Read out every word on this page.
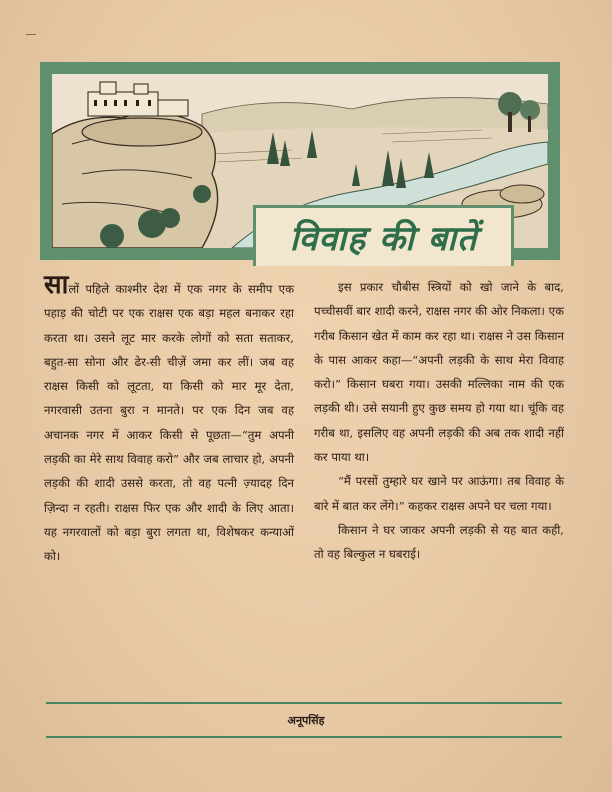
विवाह की बातें

सालों पहिले काश्मीर देश में एक नगर के समीप एक पहाड़ की चोटी पर एक राक्षस एक बड़ा महल बनाकर रहा करता था। उसने लूट मार करके लोगों को सता सताकर, बहुत-सा सोना और ढेर-सी चीज़ें जमा कर लीं। जब वह राक्षस किसी को लूटता, या किसी को मार मूर देता, नगरवासी उतना बुरा न मानते। पर एक दिन जब वह अचानक नगर में आकर किसी से पूछता—“तुम अपनी लड़की का मेरे साथ विवाह करो” और जब लाचार हो, अपनी लड़की की शादी उससे करता, तो वह पत्नी ज़्यादह दिन ज़िन्दा न रहती। राक्षस फिर एक और शादी के लिए आता। यह नगरवालों को बड़ा बुरा लगता था, विशेषकर कन्याओं को।

इस प्रकार चौबीस स्त्रियों को खो जाने के बाद, पच्चीसवीं बार शादी करने, राक्षस नगर की ओर निकला। एक गरीब किसान खेत में काम कर रहा था। राक्षस ने उस किसान के पास आकर कहा—“अपनी लड़की के साथ मेरा विवाह करो।” किसान घबरा गया। उसकी मल्लिका नाम की एक लड़की थी। उसे सयानी हुए कुछ समय हो गया था। चूंकि वह गरीब था, इसलिए वह अपनी लड़की की अब तक शादी नहीं कर पाया था।

“मैं परसों तुम्हारे घर खाने पर आऊंगा। तब विवाह के बारे में बात कर लेंगे।” कहकर राक्षस अपने घर चला गया।

किसान ने घर जाकर अपनी लड़की से यह बात कही, तो वह बिल्कुल न घबराई।

अनूपसिंह
